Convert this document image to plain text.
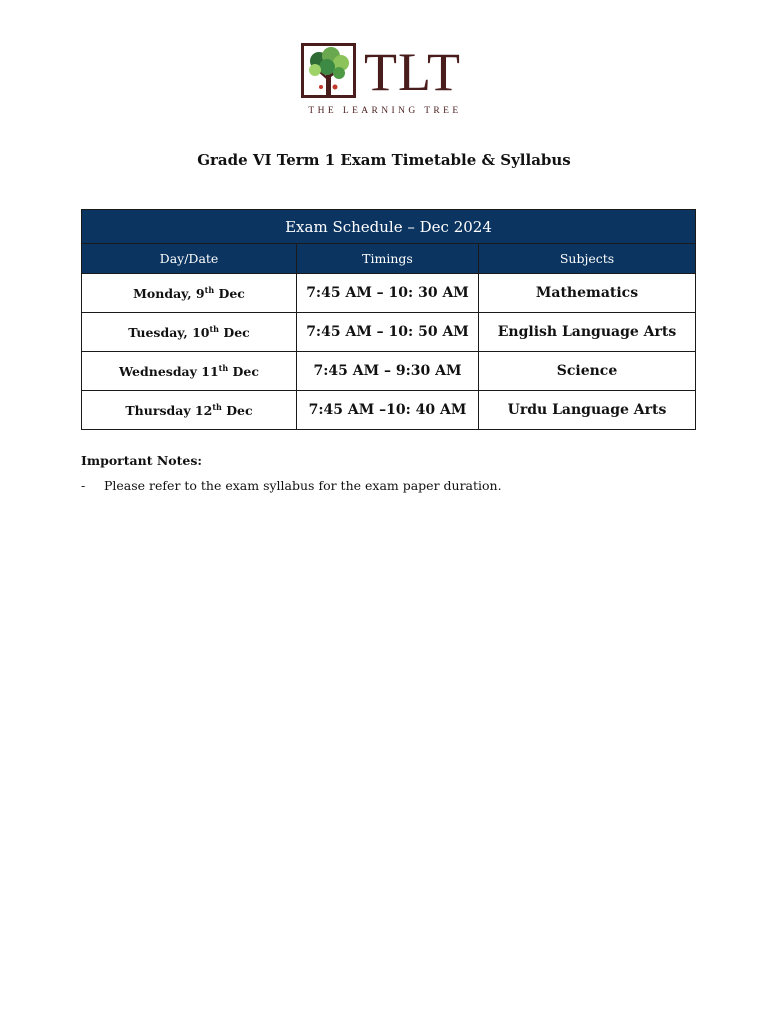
TLT
THE LEARNING TREE
Grade VI Term 1 Exam Timetable & Syllabus
Exam Schedule – Dec 2024		
Day/Date	Timings	Subjects
Monday, 9th Dec	7:45 AM – 10: 30 AM	Mathematics
Tuesday, 10th Dec	7:45 AM – 10: 50 AM	English Language Arts
Wednesday 11th Dec	7:45 AM – 9:30 AM	Science
Thursday 12th Dec	7:45 AM –10: 40 AM	Urdu Language Arts
Important Notes:
- Please refer to the exam syllabus for the exam paper duration.
